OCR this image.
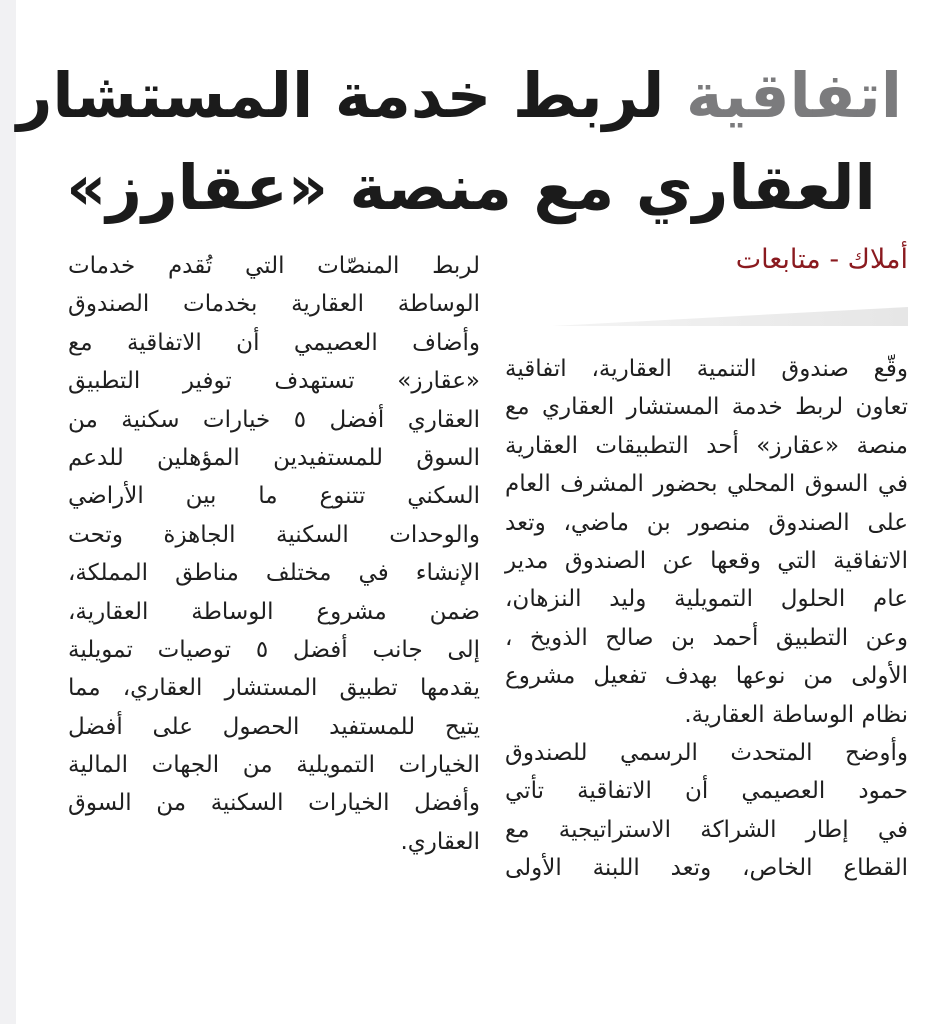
اتفاقية لربط خدمة المستشار
العقاري مع منصة «عقارز»
أملاك - متابعات
وقّع صندوق التنمية العقارية، اتفاقية
تعاون لربط خدمة المستشار العقاري مع
منصة «عقارز» أحد التطبيقات العقارية
في السوق المحلي بحضور المشرف العام
على الصندوق منصور بن ماضي، وتعد
الاتفاقية التي وقعها عن الصندوق مدير
عام الحلول التمويلية وليد النزهان،
وعن التطبيق أحمد بن صالح الذويخ ،
الأولى من نوعها بهدف تفعيل مشروع
نظام الوساطة العقارية.
وأوضح المتحدث الرسمي للصندوق
حمود العصيمي أن الاتفاقية تأتي
في إطار الشراكة الاستراتيجية مع
القطاع الخاص، وتعد اللبنة الأولى
لربط المنصّات التي تُقدم خدمات
الوساطة العقارية بخدمات الصندوق
وأضاف العصيمي أن الاتفاقية مع
«عقارز» تستهدف توفير التطبيق
العقاري أفضل ٥ خيارات سكنية من
السوق للمستفيدين المؤهلين للدعم
السكني تتنوع ما بين الأراضي
والوحدات السكنية الجاهزة وتحت
الإنشاء في مختلف مناطق المملكة،
ضمن مشروع الوساطة العقارية،
إلى جانب أفضل ٥ توصيات تمويلية
يقدمها تطبيق المستشار العقاري، مما
يتيح للمستفيد الحصول على أفضل
الخيارات التمويلية من الجهات المالية
وأفضل الخيارات السكنية من السوق
العقاري.
